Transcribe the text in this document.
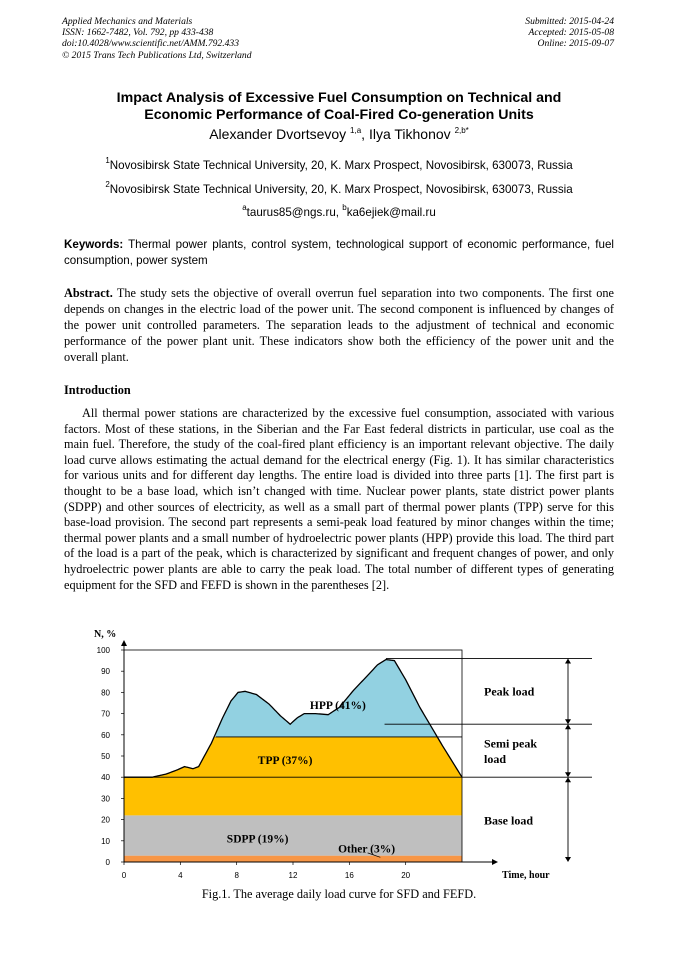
Applied Mechanics and Materials
ISSN: 1662-7482, Vol. 792, pp 433-438
doi:10.4028/www.scientific.net/AMM.792.433
© 2015 Trans Tech Publications Ltd, Switzerland
Submitted: 2015-04-24
Accepted: 2015-05-08
Online: 2015-09-07
Impact Analysis of Excessive Fuel Consumption on Technical and
Economic Performance of Coal-Fired Co-generation Units
Alexander Dvortsevoy $^{1,a}$, Ilya Tikhonov $^{2,b*}$
$^1$Novosibirsk State Technical University, 20, K. Marx Prospect, Novosibirsk, 630073, Russia
$^2$Novosibirsk State Technical University, 20, K. Marx Prospect, Novosibirsk, 630073, Russia
$^a$taurus85@ngs.ru, $^b$ka6ejiek@mail.ru
Keywords: Thermal power plants, control system, technological support of economic performance, fuel consumption, power system
Abstract. The study sets the objective of overall overrun fuel separation into two components. The first one depends on changes in the electric load of the power unit. The second component is influenced by changes of the power unit controlled parameters. The separation leads to the adjustment of technical and economic performance of the power plant unit. These indicators show both the efficiency of the power unit and the overall plant.
Introduction
All thermal power stations are characterized by the excessive fuel consumption, associated with various factors. Most of these stations, in the Siberian and the Far East federal districts in particular, use coal as the main fuel. Therefore, the study of the coal-fired plant efficiency is an important relevant objective. The daily load curve allows estimating the actual demand for the electrical energy (Fig. 1). It has similar characteristics for various units and for different day lengths. The entire load is divided into three parts [1]. The first part is thought to be a base load, which isn’t changed with time. Nuclear power plants, state district power plants (SDPP) and other sources of electricity, as well as a small part of thermal power plants (TPP) serve for this base-load provision. The second part represents a semi-peak load featured by minor changes within the time; thermal power plants and a small number of hydroelectric power plants (HPP) provide this load. The third part of the load is a part of the peak, which is characterized by significant and frequent changes of power, and only hydroelectric power plants are able to carry the peak load. The total number of different types of generating equipment for the SFD and FEFD is shown in the parentheses [2].
0
10
20
30
40
50
60
70
80
90
100
0	4	8	12	16	20
N, %
Time, hour
TPP (37%)
SDPP (19%)
HPP (41%)
Other (3%)
Peak load
Semi peak
load
Base load
Fig.1. The average daily load curve for SFD and FEFD.
